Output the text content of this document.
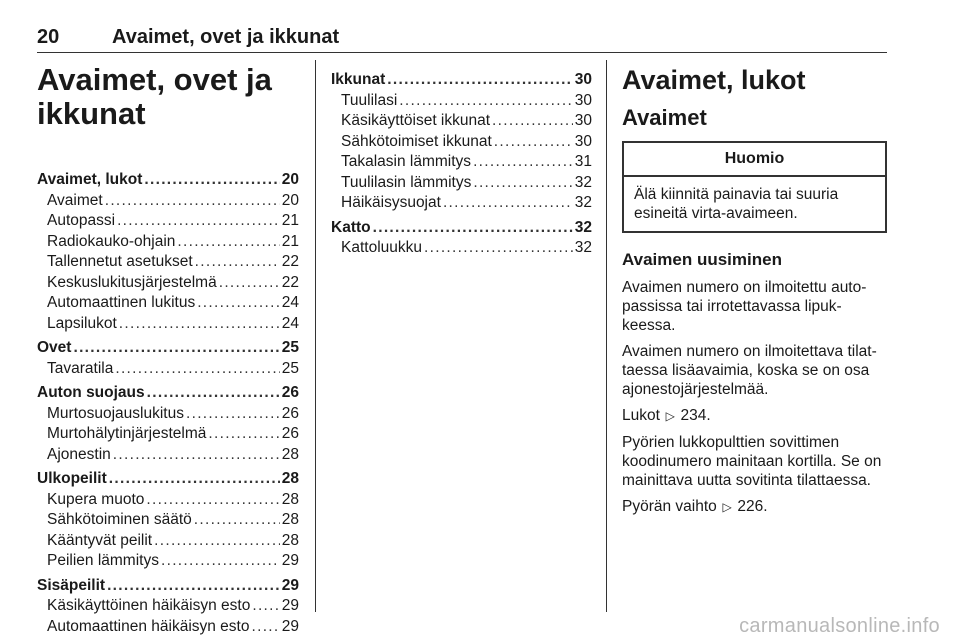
20	Avaimet, ovet ja ikkunat
Avaimet, ovet ja
ikkunat
Avaimet, lukot .....	20
Avaimet .....	20
Autopassi .....	21
Radiokauko-ohjain .....	21
Tallennetut asetukset .....	22
Keskuslukitusjärjestelmä .....	22
Automaattinen lukitus .....	24
Lapsilukot .....	24
Ovet .....	25
Tavaratila .....	25
Auton suojaus .....	26
Murtosuojauslukitus .....	26
Murtohälytinjärjestelmä .....	26
Ajonestin .....	28
Ulkopeilit .....	28
Kupera muoto .....	28
Sähkötoiminen säätö .....	28
Kääntyvät peilit .....	28
Peilien lämmitys .....	29
Sisäpeilit .....	29
Käsikäyttöinen häikäisyn esto ..... 29
Automaattinen häikäisyn esto ..... 29
Ikkunat .....	30
Tuulilasi .....	30
Käsikäyttöiset ikkunat .....	30
Sähkötoimiset ikkunat .....	30
Takalasin lämmitys .....	31
Tuulilasin lämmitys .....	32
Häikäisysuojat .....	32
Katto .....	32
Kattoluukku .....	32
Avaimet, lukot
Avaimet
Huomio
Älä kiinnitä painavia tai suuria esineitä virta-avaimeen.
Avaimen uusiminen

Avaimen numero on ilmoitettu autopassissa tai irrotettavassa lipukkeessa.

Avaimen numero on ilmoitettava tilattaessa lisäavaimia, koska se on osa ajonestojärjestelmää.

Lukot ▷ 234.

Pyörien lukkopulttien sovittimen koodinumero mainitaan kortilla. Se on mainittava uutta sovitinta tilattaessa.

Pyörän vaihto ▷ 226.

carmanualsonline.info
